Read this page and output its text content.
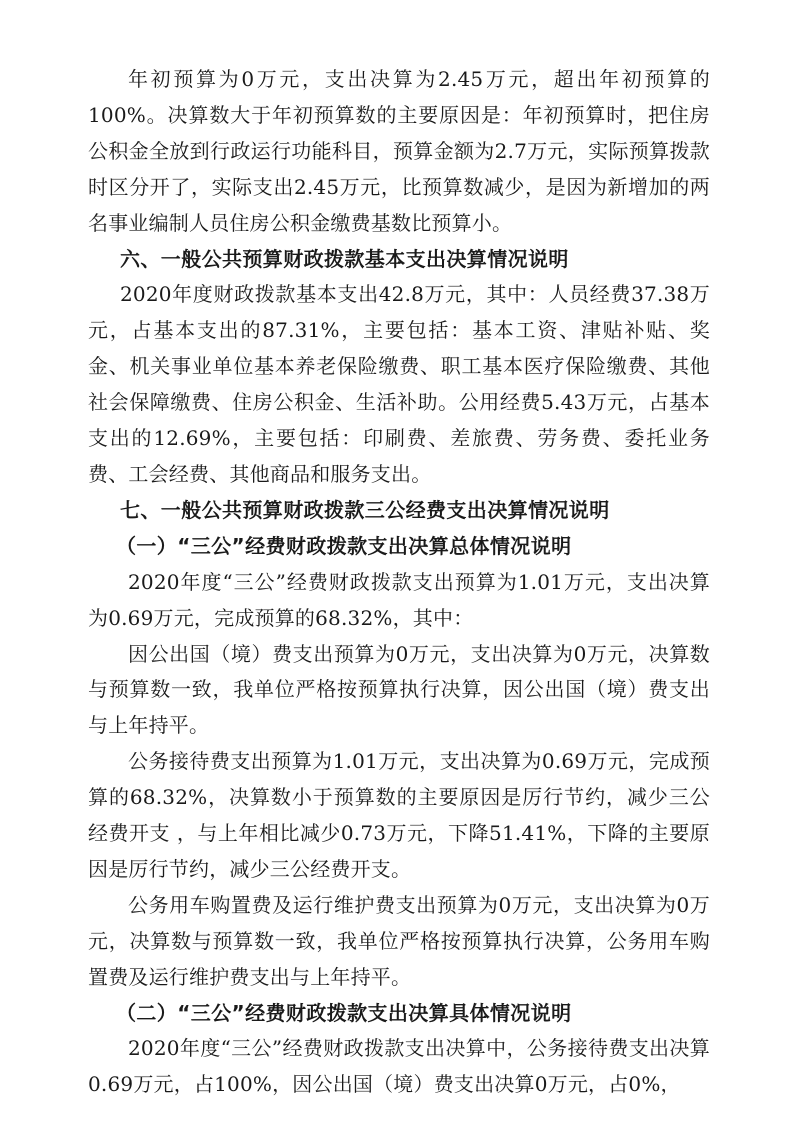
年初预算为0万元，支出决算为2.45万元，超出年初预算的100%。决算数大于年初预算数的主要原因是：年初预算时，把住房公积金全放到行政运行功能科目，预算金额为2.7万元，实际预算拨款时区分开了，实际支出2.45万元，比预算数减少，是因为新增加的两名事业编制人员住房公积金缴费基数比预算小。

六、一般公共预算财政拨款基本支出决算情况说明

2020年度财政拨款基本支出42.8万元，其中：人员经费37.38万元，占基本支出的87.31%，主要包括：基本工资、津贴补贴、奖金、机关事业单位基本养老保险缴费、职工基本医疗保险缴费、其他社会保障缴费、住房公积金、生活补助。公用经费5.43万元，占基本支出的12.69%，主要包括：印刷费、差旅费、劳务费、委托业务费、工会经费、其他商品和服务支出。

七、一般公共预算财政拨款三公经费支出决算情况说明

（一）“三公”经费财政拨款支出决算总体情况说明

2020年度“三公”经费财政拨款支出预算为1.01万元，支出决算为0.69万元，完成预算的68.32%，其中：

因公出国（境）费支出预算为0万元，支出决算为0万元，决算数与预算数一致，我单位严格按预算执行决算，因公出国（境）费支出与上年持平。

公务接待费支出预算为1.01万元，支出决算为0.69万元，完成预算的68.32%，决算数小于预算数的主要原因是厉行节约，减少三公经费开支 ，与上年相比减少0.73万元，下降51.41%，下降的主要原因是厉行节约，减少三公经费开支。

公务用车购置费及运行维护费支出预算为0万元，支出决算为0万元，决算数与预算数一致，我单位严格按预算执行决算，公务用车购置费及运行维护费支出与上年持平。

（二）“三公”经费财政拨款支出决算具体情况说明

2020年度“三公”经费财政拨款支出决算中，公务接待费支出决算0.69万元，占100%，因公出国（境）费支出决算0万元，占0%，
